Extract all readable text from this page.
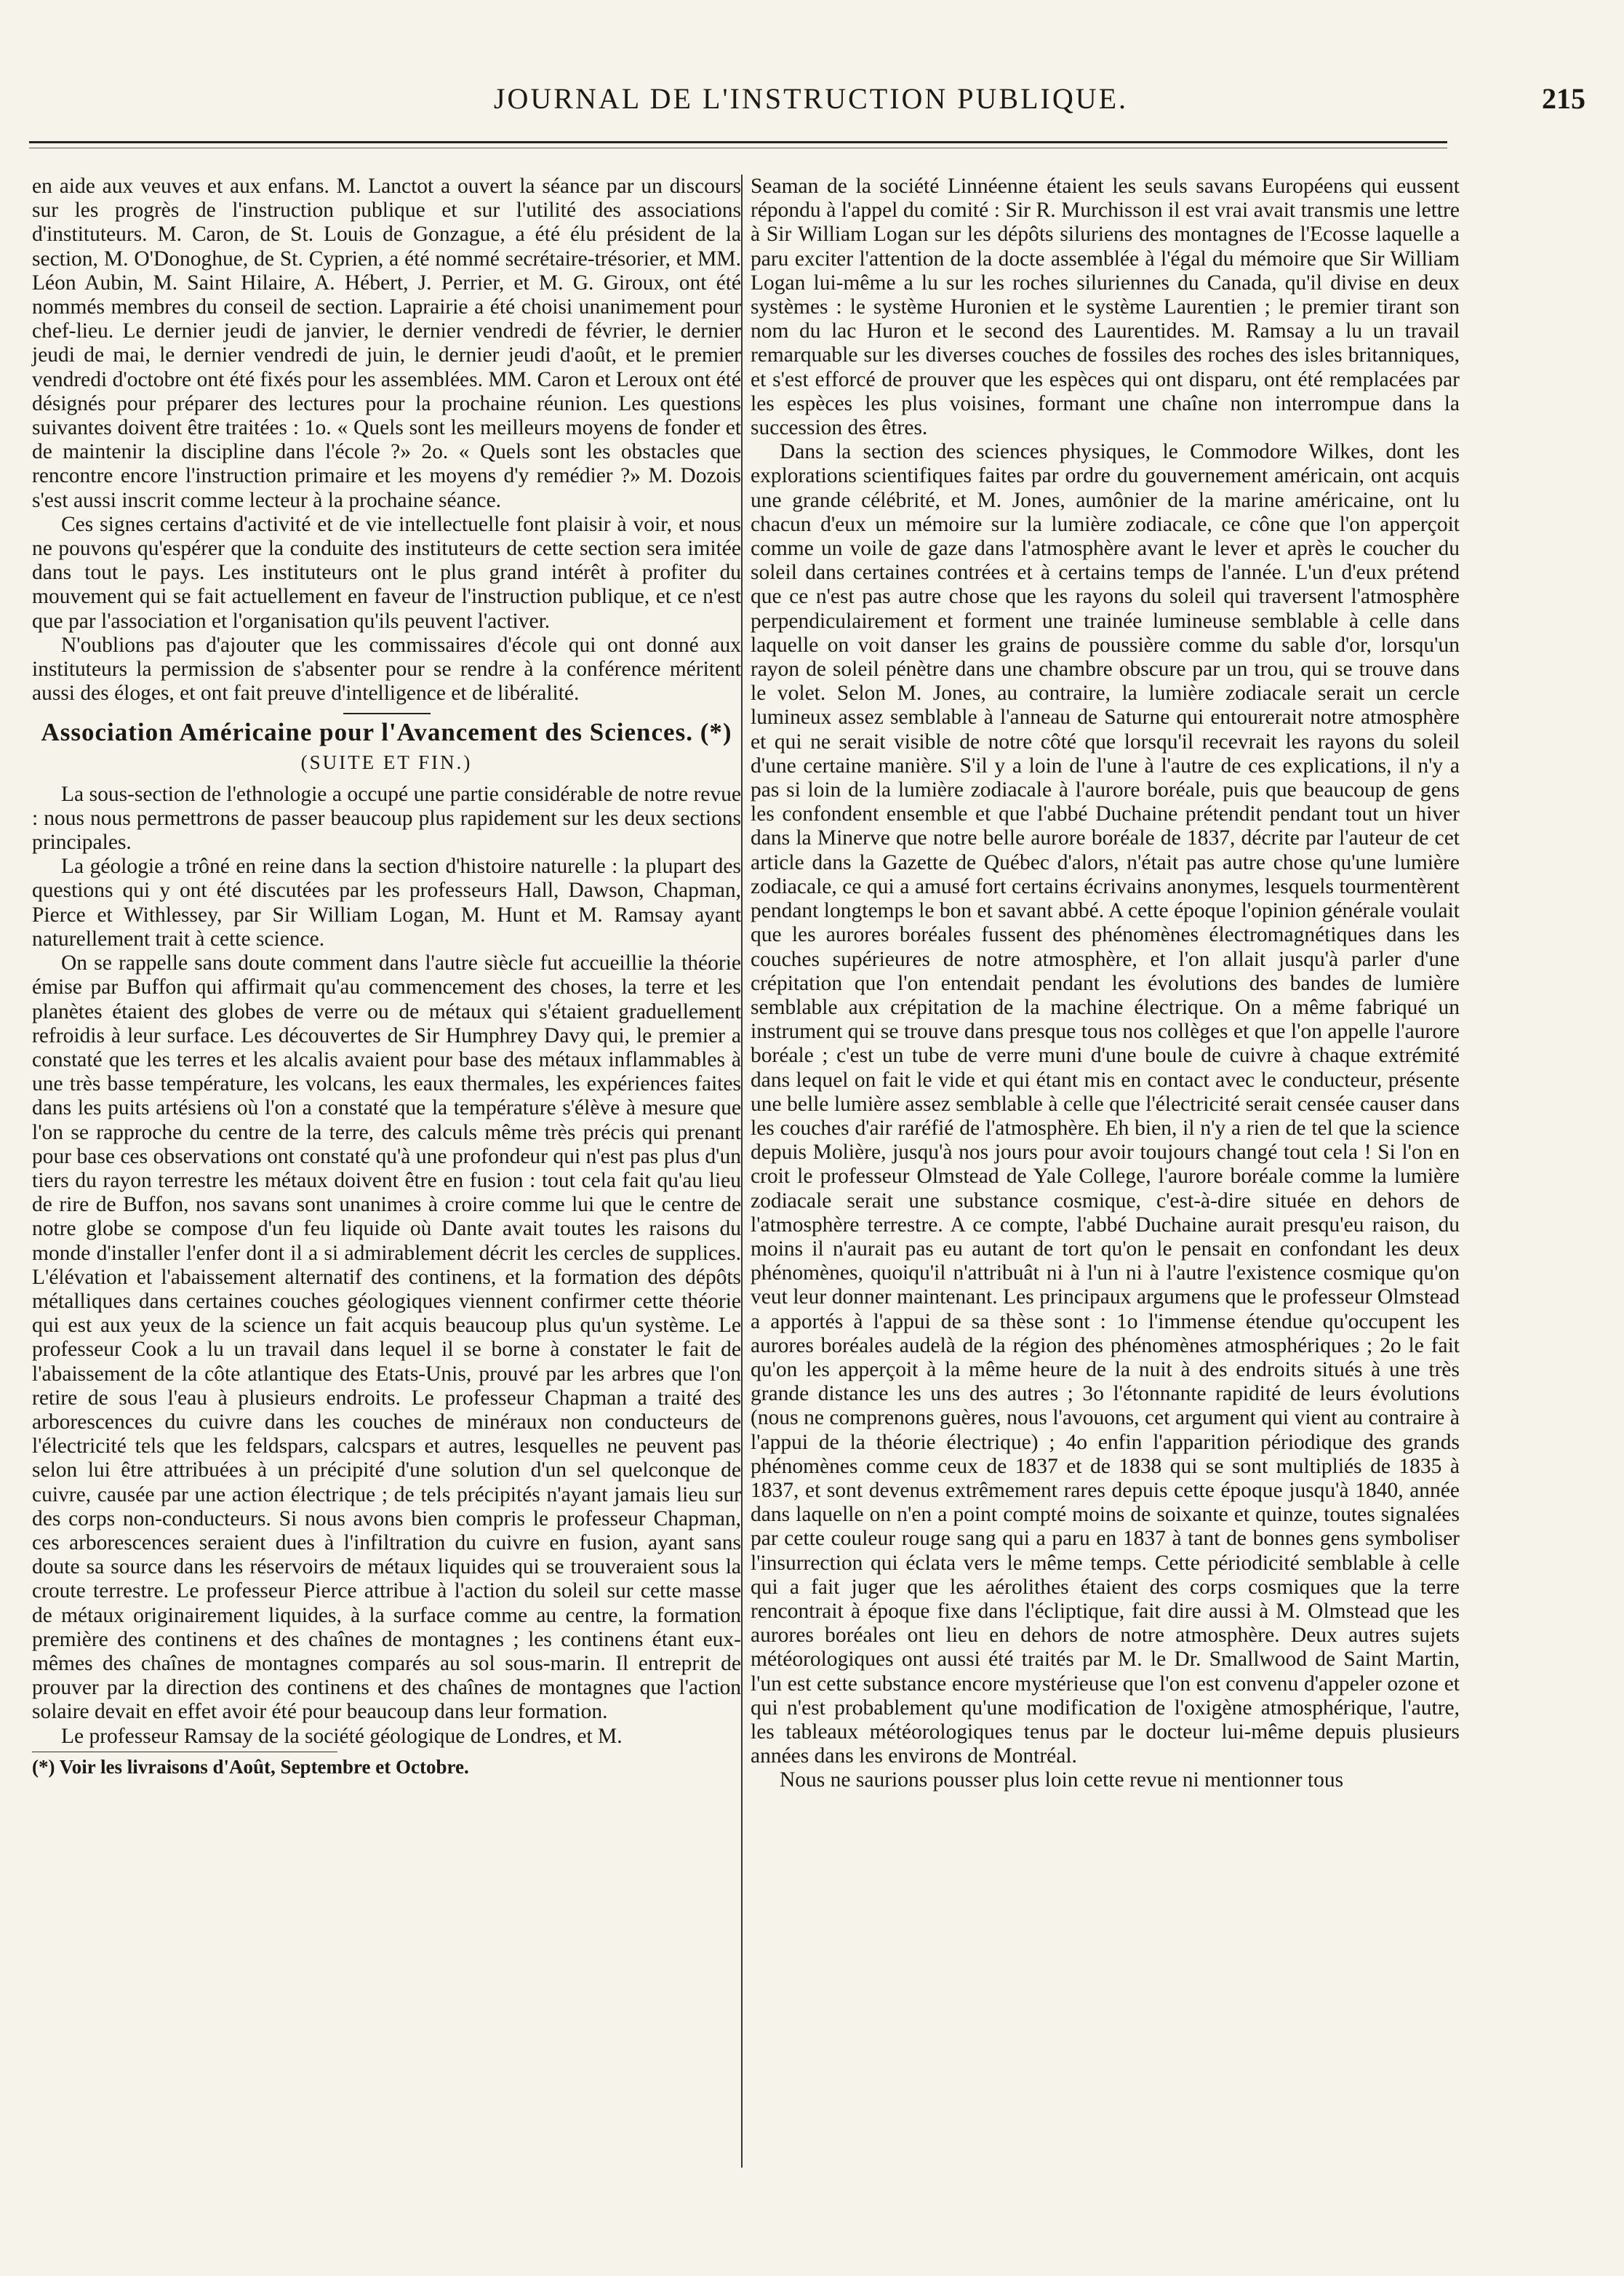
JOURNAL DE L'INSTRUCTION PUBLIQUE.	215

en aide aux veuves et aux enfans. M. Lanctot a ouvert la séance par un discours sur les progrès de l'instruction publique et sur l'utilité des associations d'instituteurs. M. Caron, de St. Louis de Gonzague, a été élu président de la section, M. O'Donoghue, de St. Cyprien, a été nommé secrétaire-trésorier, et MM. Léon Aubin, M. Saint Hilaire, A. Hébert, J. Perrier, et M. G. Giroux, ont été nommés membres du conseil de section. Laprairie a été choisi unanimement pour chef-lieu. Le dernier jeudi de janvier, le dernier vendredi de février, le dernier jeudi de mai, le dernier vendredi de juin, le dernier jeudi d'août, et le premier vendredi d'octobre ont été fixés pour les assemblées. MM. Caron et Leroux ont été désignés pour préparer des lectures pour la prochaine réunion. Les questions suivantes doivent être traitées : 1o. « Quels sont les meilleurs moyens de fonder et de maintenir la discipline dans l'école ?» 2o. « Quels sont les obstacles que rencontre encore l'instruction primaire et les moyens d'y remédier ?» M. Dozois s'est aussi inscrit comme lecteur à la prochaine séance.

Ces signes certains d'activité et de vie intellectuelle font plaisir à voir, et nous ne pouvons qu'espérer que la conduite des instituteurs de cette section sera imitée dans tout le pays. Les instituteurs ont le plus grand intérêt à profiter du mouvement qui se fait actuellement en faveur de l'instruction publique, et ce n'est que par l'association et l'organisation qu'ils peuvent l'activer.

N'oublions pas d'ajouter que les commissaires d'école qui ont donné aux instituteurs la permission de s'absenter pour se rendre à la conférence méritent aussi des éloges, et ont fait preuve d'intelligence et de libéralité.

Association Américaine pour l'Avancement des Sciences. (*)
(SUITE ET FIN.)

La sous-section de l'ethnologie a occupé une partie considérable de notre revue : nous nous permettrons de passer beaucoup plus rapidement sur les deux sections principales.

La géologie a trôné en reine dans la section d'histoire naturelle : la plupart des questions qui y ont été discutées par les professeurs Hall, Dawson, Chapman, Pierce et Withlessey, par Sir William Logan, M. Hunt et M. Ramsay ayant naturellement trait à cette science.

On se rappelle sans doute comment dans l'autre siècle fut accueillie la théorie émise par Buffon qui affirmait qu'au commencement des choses, la terre et les planètes étaient des globes de verre ou de métaux qui s'étaient graduellement refroidis à leur surface. Les découvertes de Sir Humphrey Davy qui, le premier a constaté que les terres et les alcalis avaient pour base des métaux inflammables à une très basse température, les volcans, les eaux thermales, les expériences faites dans les puits artésiens où l'on a constaté que la température s'élève à mesure que l'on se rapproche du centre de la terre, des calculs même très précis qui prenant pour base ces observations ont constaté qu'à une profondeur qui n'est pas plus d'un tiers du rayon terrestre les métaux doivent être en fusion : tout cela fait qu'au lieu de rire de Buffon, nos savans sont unanimes à croire comme lui que le centre de notre globe se compose d'un feu liquide où Dante avait toutes les raisons du monde d'installer l'enfer dont il a si admirablement décrit les cercles de supplices. L'élévation et l'abaissement alternatif des continens, et la formation des dépôts métalliques dans certaines couches géologiques viennent confirmer cette théorie qui est aux yeux de la science un fait acquis beaucoup plus qu'un système. Le professeur Cook a lu un travail dans lequel il se borne à constater le fait de l'abaissement de la côte atlantique des Etats-Unis, prouvé par les arbres que l'on retire de sous l'eau à plusieurs endroits. Le professeur Chapman a traité des arborescences du cuivre dans les couches de minéraux non conducteurs de l'électricité tels que les feldspars, calcspars et autres, lesquelles ne peuvent pas selon lui être attribuées à un précipité d'une solution d'un sel quelconque de cuivre, causée par une action électrique ; de tels précipités n'ayant jamais lieu sur des corps non-conducteurs. Si nous avons bien compris le professeur Chapman, ces arborescences seraient dues à l'infiltration du cuivre en fusion, ayant sans doute sa source dans les réservoirs de métaux liquides qui se trouveraient sous la croute terrestre. Le professeur Pierce attribue à l'action du soleil sur cette masse de métaux originairement liquides, à la surface comme au centre, la formation première des continens et des chaînes de montagnes ; les continens étant eux-mêmes des chaînes de montagnes comparés au sol sous-marin. Il entreprit de prouver par la direction des continens et des chaînes de montagnes que l'action solaire devait en effet avoir été pour beaucoup dans leur formation.

Le professeur Ramsay de la société géologique de Londres, et M.

(*) Voir les livraisons d'Août, Septembre et Octobre.

Seaman de la société Linnéenne étaient les seuls savans Européens qui eussent répondu à l'appel du comité : Sir R. Murchisson il est vrai avait transmis une lettre à Sir William Logan sur les dépôts siluriens des montagnes de l'Ecosse laquelle a paru exciter l'attention de la docte assemblée à l'égal du mémoire que Sir William Logan lui-même a lu sur les roches siluriennes du Canada, qu'il divise en deux systèmes : le système Huronien et le système Laurentien ; le premier tirant son nom du lac Huron et le second des Laurentides. M. Ramsay a lu un travail remarquable sur les diverses couches de fossiles des roches des isles britanniques, et s'est efforcé de prouver que les espèces qui ont disparu, ont été remplacées par les espèces les plus voisines, formant une chaîne non interrompue dans la succession des êtres.

Dans la section des sciences physiques, le Commodore Wilkes, dont les explorations scientifiques faites par ordre du gouvernement américain, ont acquis une grande célébrité, et M. Jones, aumônier de la marine américaine, ont lu chacun d'eux un mémoire sur la lumière zodiacale, ce cône que l'on apperçoit comme un voile de gaze dans l'atmosphère avant le lever et après le coucher du soleil dans certaines contrées et à certains temps de l'année. L'un d'eux prétend que ce n'est pas autre chose que les rayons du soleil qui traversent l'atmosphère perpendiculairement et forment une trainée lumineuse semblable à celle dans laquelle on voit danser les grains de poussière comme du sable d'or, lorsqu'un rayon de soleil pénètre dans une chambre obscure par un trou, qui se trouve dans le volet. Selon M. Jones, au contraire, la lumière zodiacale serait un cercle lumineux assez semblable à l'anneau de Saturne qui entourerait notre atmosphère et qui ne serait visible de notre côté que lorsqu'il recevrait les rayons du soleil d'une certaine manière. S'il y a loin de l'une à l'autre de ces explications, il n'y a pas si loin de la lumière zodiacale à l'aurore boréale, puis que beaucoup de gens les confondent ensemble et que l'abbé Duchaine prétendit pendant tout un hiver dans la Minerve que notre belle aurore boréale de 1837, décrite par l'auteur de cet article dans la Gazette de Québec d'alors, n'était pas autre chose qu'une lumière zodiacale, ce qui a amusé fort certains écrivains anonymes, lesquels tourmentèrent pendant longtemps le bon et savant abbé. A cette époque l'opinion générale voulait que les aurores boréales fussent des phénomènes électromagnétiques dans les couches supérieures de notre atmosphère, et l'on allait jusqu'à parler d'une crépitation que l'on entendait pendant les évolutions des bandes de lumière semblable aux crépitation de la machine électrique. On a même fabriqué un instrument qui se trouve dans presque tous nos collèges et que l'on appelle l'aurore boréale ; c'est un tube de verre muni d'une boule de cuivre à chaque extrémité dans lequel on fait le vide et qui étant mis en contact avec le conducteur, présente une belle lumière assez semblable à celle que l'électricité serait censée causer dans les couches d'air raréfié de l'atmosphère. Eh bien, il n'y a rien de tel que la science depuis Molière, jusqu'à nos jours pour avoir toujours changé tout cela ! Si l'on en croit le professeur Olmstead de Yale College, l'aurore boréale comme la lumière zodiacale serait une substance cosmique, c'est-à-dire située en dehors de l'atmosphère terrestre. A ce compte, l'abbé Duchaine aurait presqu'eu raison, du moins il n'aurait pas eu autant de tort qu'on le pensait en confondant les deux phénomènes, quoiqu'il n'attribuât ni à l'un ni à l'autre l'existence cosmique qu'on veut leur donner maintenant. Les principaux argumens que le professeur Olmstead a apportés à l'appui de sa thèse sont : 1o l'immense étendue qu'occupent les aurores boréales audelà de la région des phénomènes atmosphériques ; 2o le fait qu'on les apperçoit à la même heure de la nuit à des endroits situés à une très grande distance les uns des autres ; 3o l'étonnante rapidité de leurs évolutions (nous ne comprenons guères, nous l'avouons, cet argument qui vient au contraire à l'appui de la théorie électrique) ; 4o enfin l'apparition périodique des grands phénomènes comme ceux de 1837 et de 1838 qui se sont multipliés de 1835 à 1837, et sont devenus extrêmement rares depuis cette époque jusqu'à 1840, année dans laquelle on n'en a point compté moins de soixante et quinze, toutes signalées par cette couleur rouge sang qui a paru en 1837 à tant de bonnes gens symboliser l'insurrection qui éclata vers le même temps. Cette périodicité semblable à celle qui a fait juger que les aérolithes étaient des corps cosmiques que la terre rencontrait à époque fixe dans l'écliptique, fait dire aussi à M. Olmstead que les aurores boréales ont lieu en dehors de notre atmosphère. Deux autres sujets météorologiques ont aussi été traités par M. le Dr. Smallwood de Saint Martin, l'un est cette substance encore mystérieuse que l'on est convenu d'appeler ozone et qui n'est probablement qu'une modification de l'oxigène atmosphérique, l'autre, les tableaux météorologiques tenus par le docteur lui-même depuis plusieurs années dans les environs de Montréal.

Nous ne saurions pousser plus loin cette revue ni mentionner tous
